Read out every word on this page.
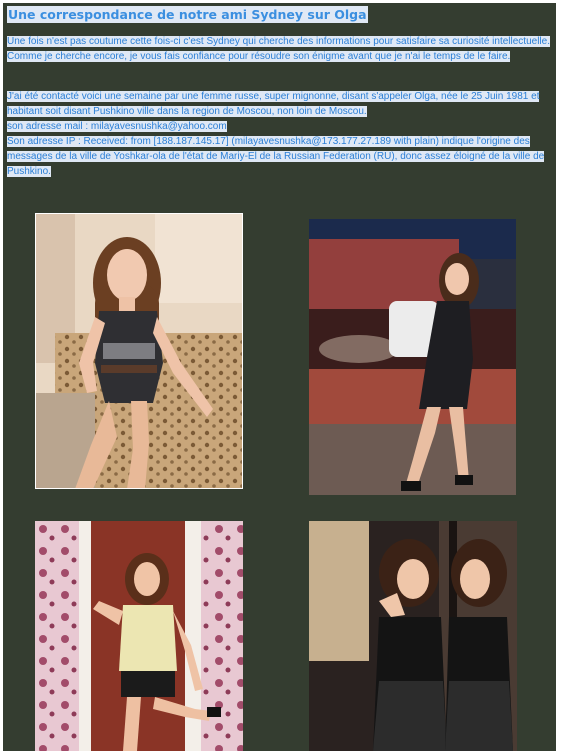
Une correspondance de notre ami Sydney sur Olga
Une fois n'est pas coutume cette fois-ci c'est Sydney qui cherche des informations pour satisfaire sa curiosité intellectuelle. Comme je cherche encore, je vous fais confiance pour résoudre son énigme avant que je n'ai le temps de le faire.
J'ai été contacté voici une semaine par une femme russe, super mignonne, disant s'appeler Olga, née le 25 Juin 1981 et habitant soit disant Pushkino ville dans la region de Moscou, non loin de Moscou.
son adresse mail : milayavesnushka@yahoo.com
Son adresse IP : Received: from [188.187.145.17] (milayavesnushka@173.177.27.189 with plain) indique l'origine des messages de la ville de Yoshkar-ola de l'état de Mariy-El de la Russian Federation (RU), donc assez éloigné de la ville de Pushkino.
